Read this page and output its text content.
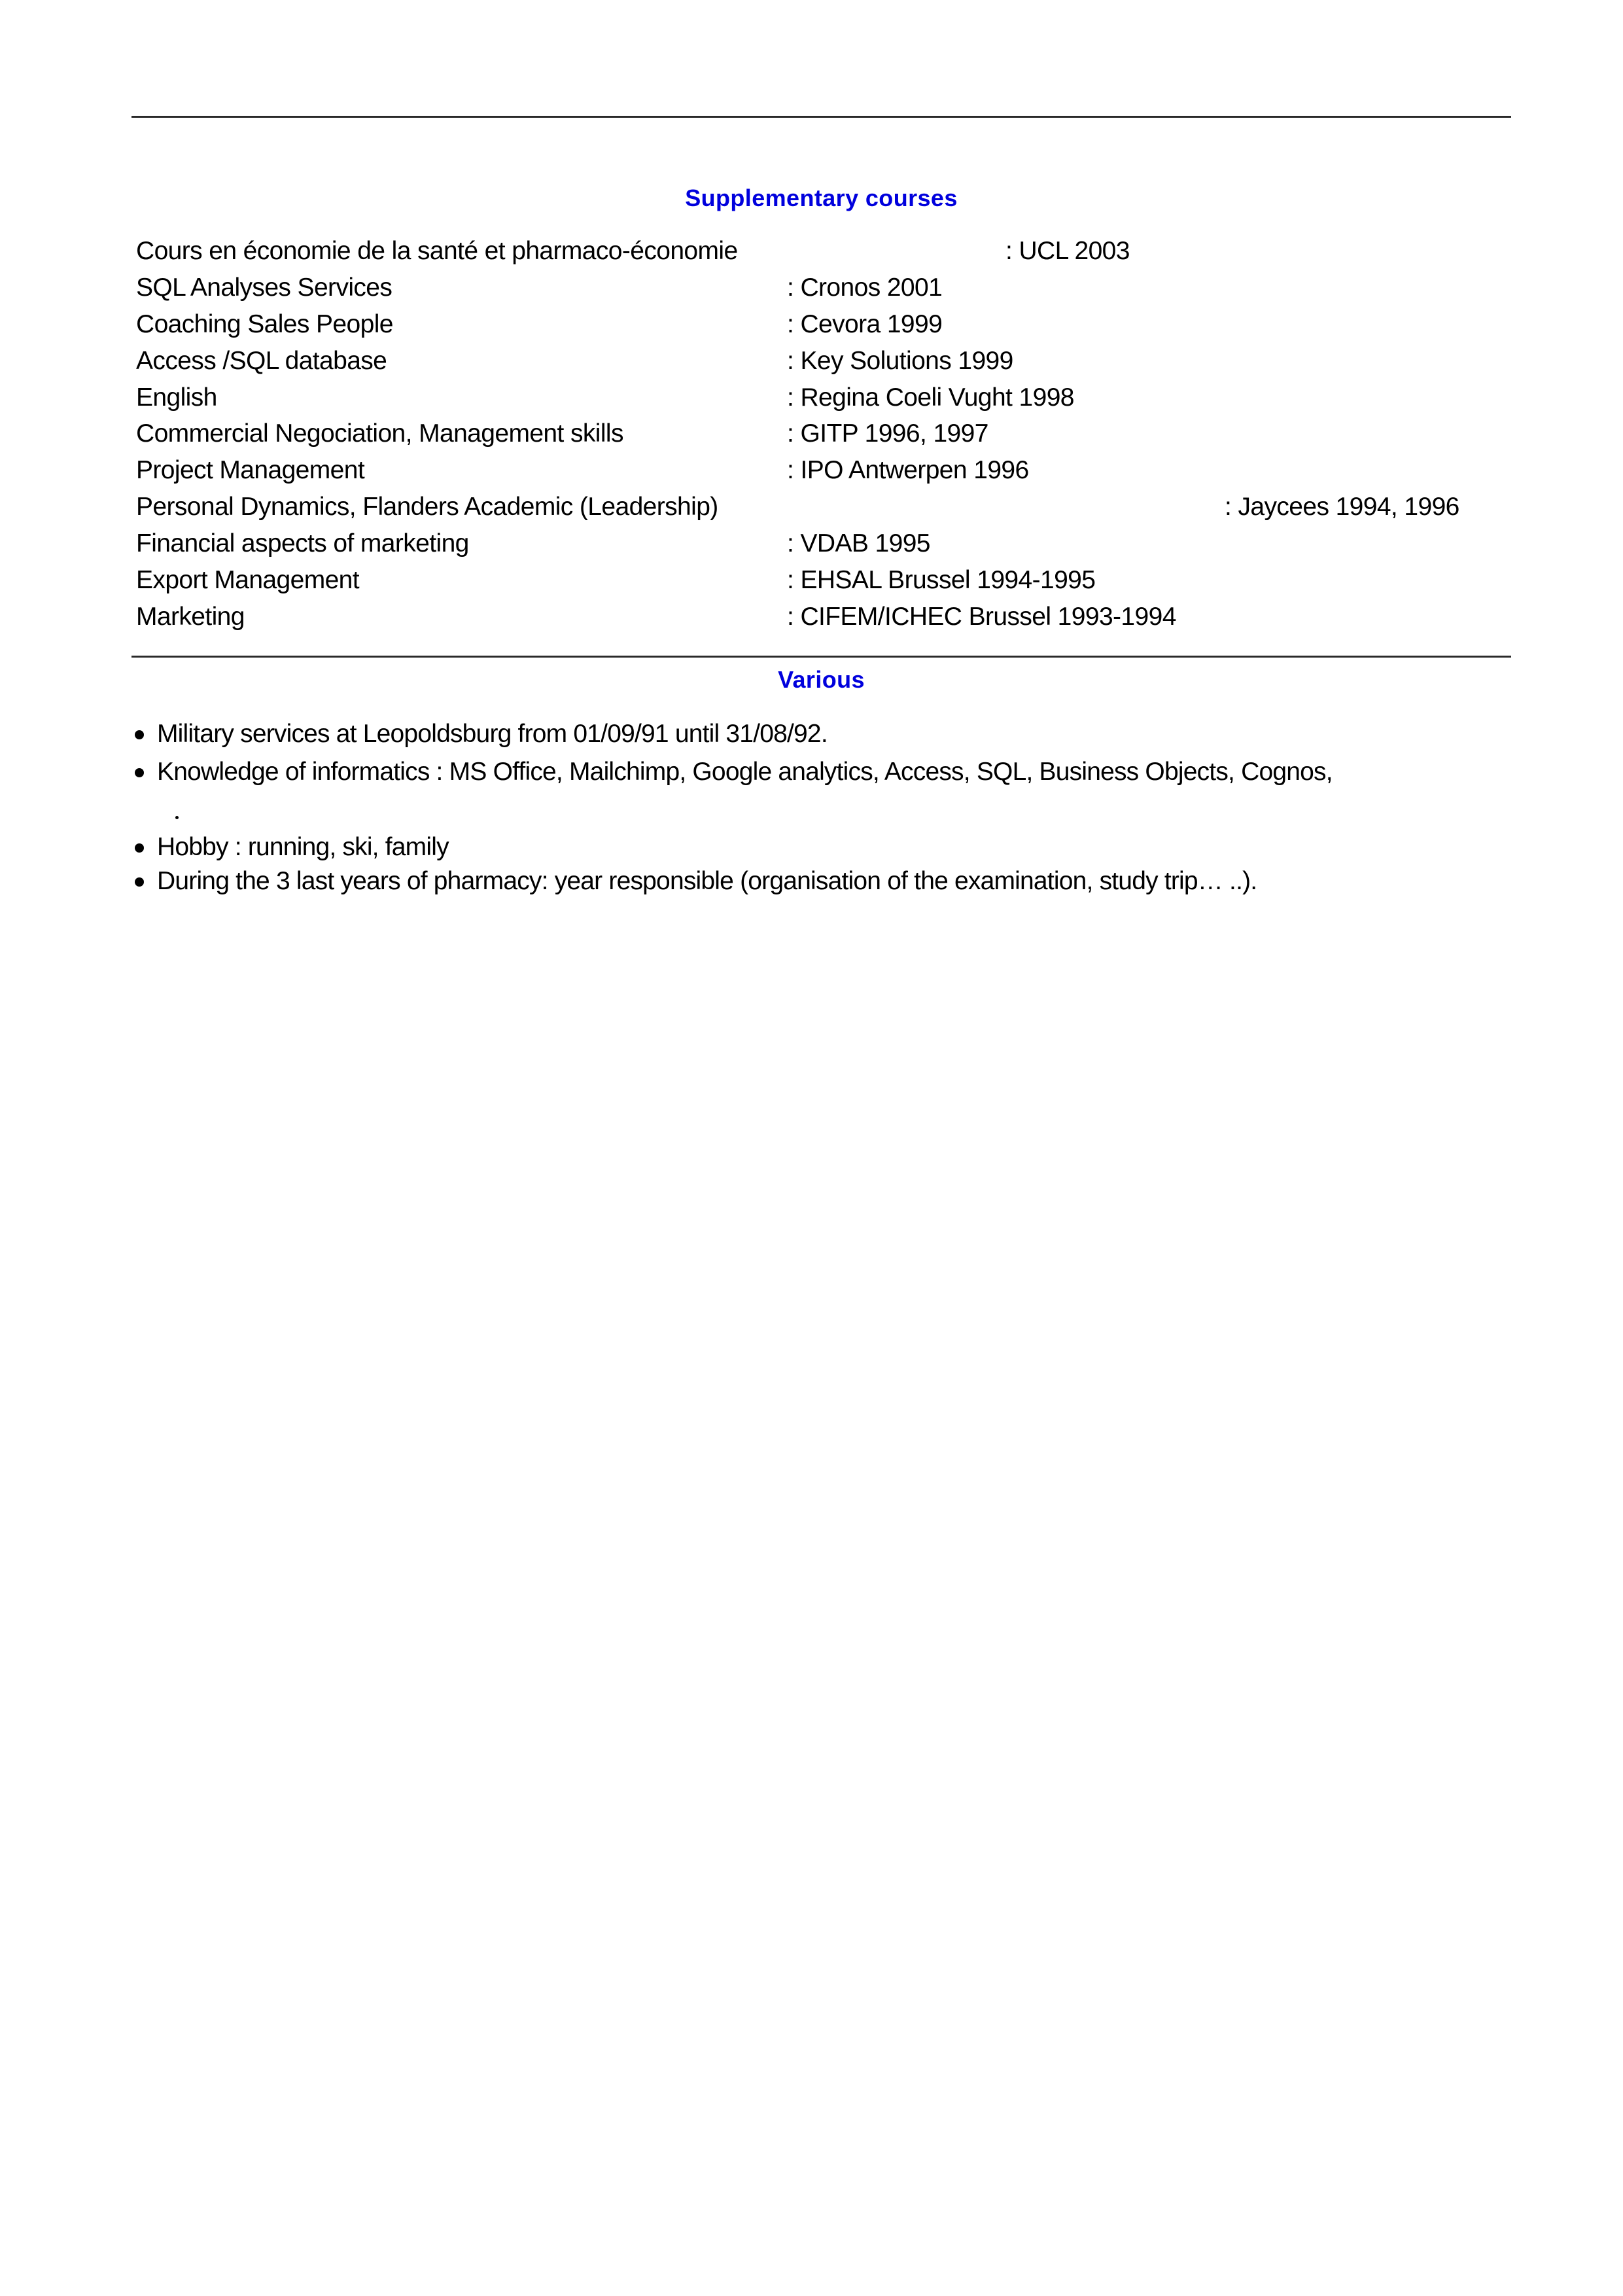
Supplementary courses
Cours en économie de la santé et pharmaco-économie	: UCL 2003
SQL Analyses Services	: Cronos 2001
Coaching Sales People	: Cevora 1999
Access /SQL database	: Key Solutions 1999
English	: Regina Coeli Vught 1998
Commercial Negociation, Management skills	: GITP 1996, 1997
Project Management	: IPO Antwerpen 1996
Personal Dynamics, Flanders Academic (Leadership)	: Jaycees 1994, 1996
Financial aspects of marketing	: VDAB 1995
Export Management	: EHSAL Brussel 1994-1995
Marketing	: CIFEM/ICHEC Brussel 1993-1994
Various
Military services at Leopoldsburg from 01/09/91 until 31/08/92.
Knowledge of informatics : MS Office, Mailchimp, Google analytics, Access, SQL, Business Objects, Cognos,
Hobby : running, ski, family
During the 3 last years of pharmacy: year responsible (organisation of the examination, study trip… ..).
